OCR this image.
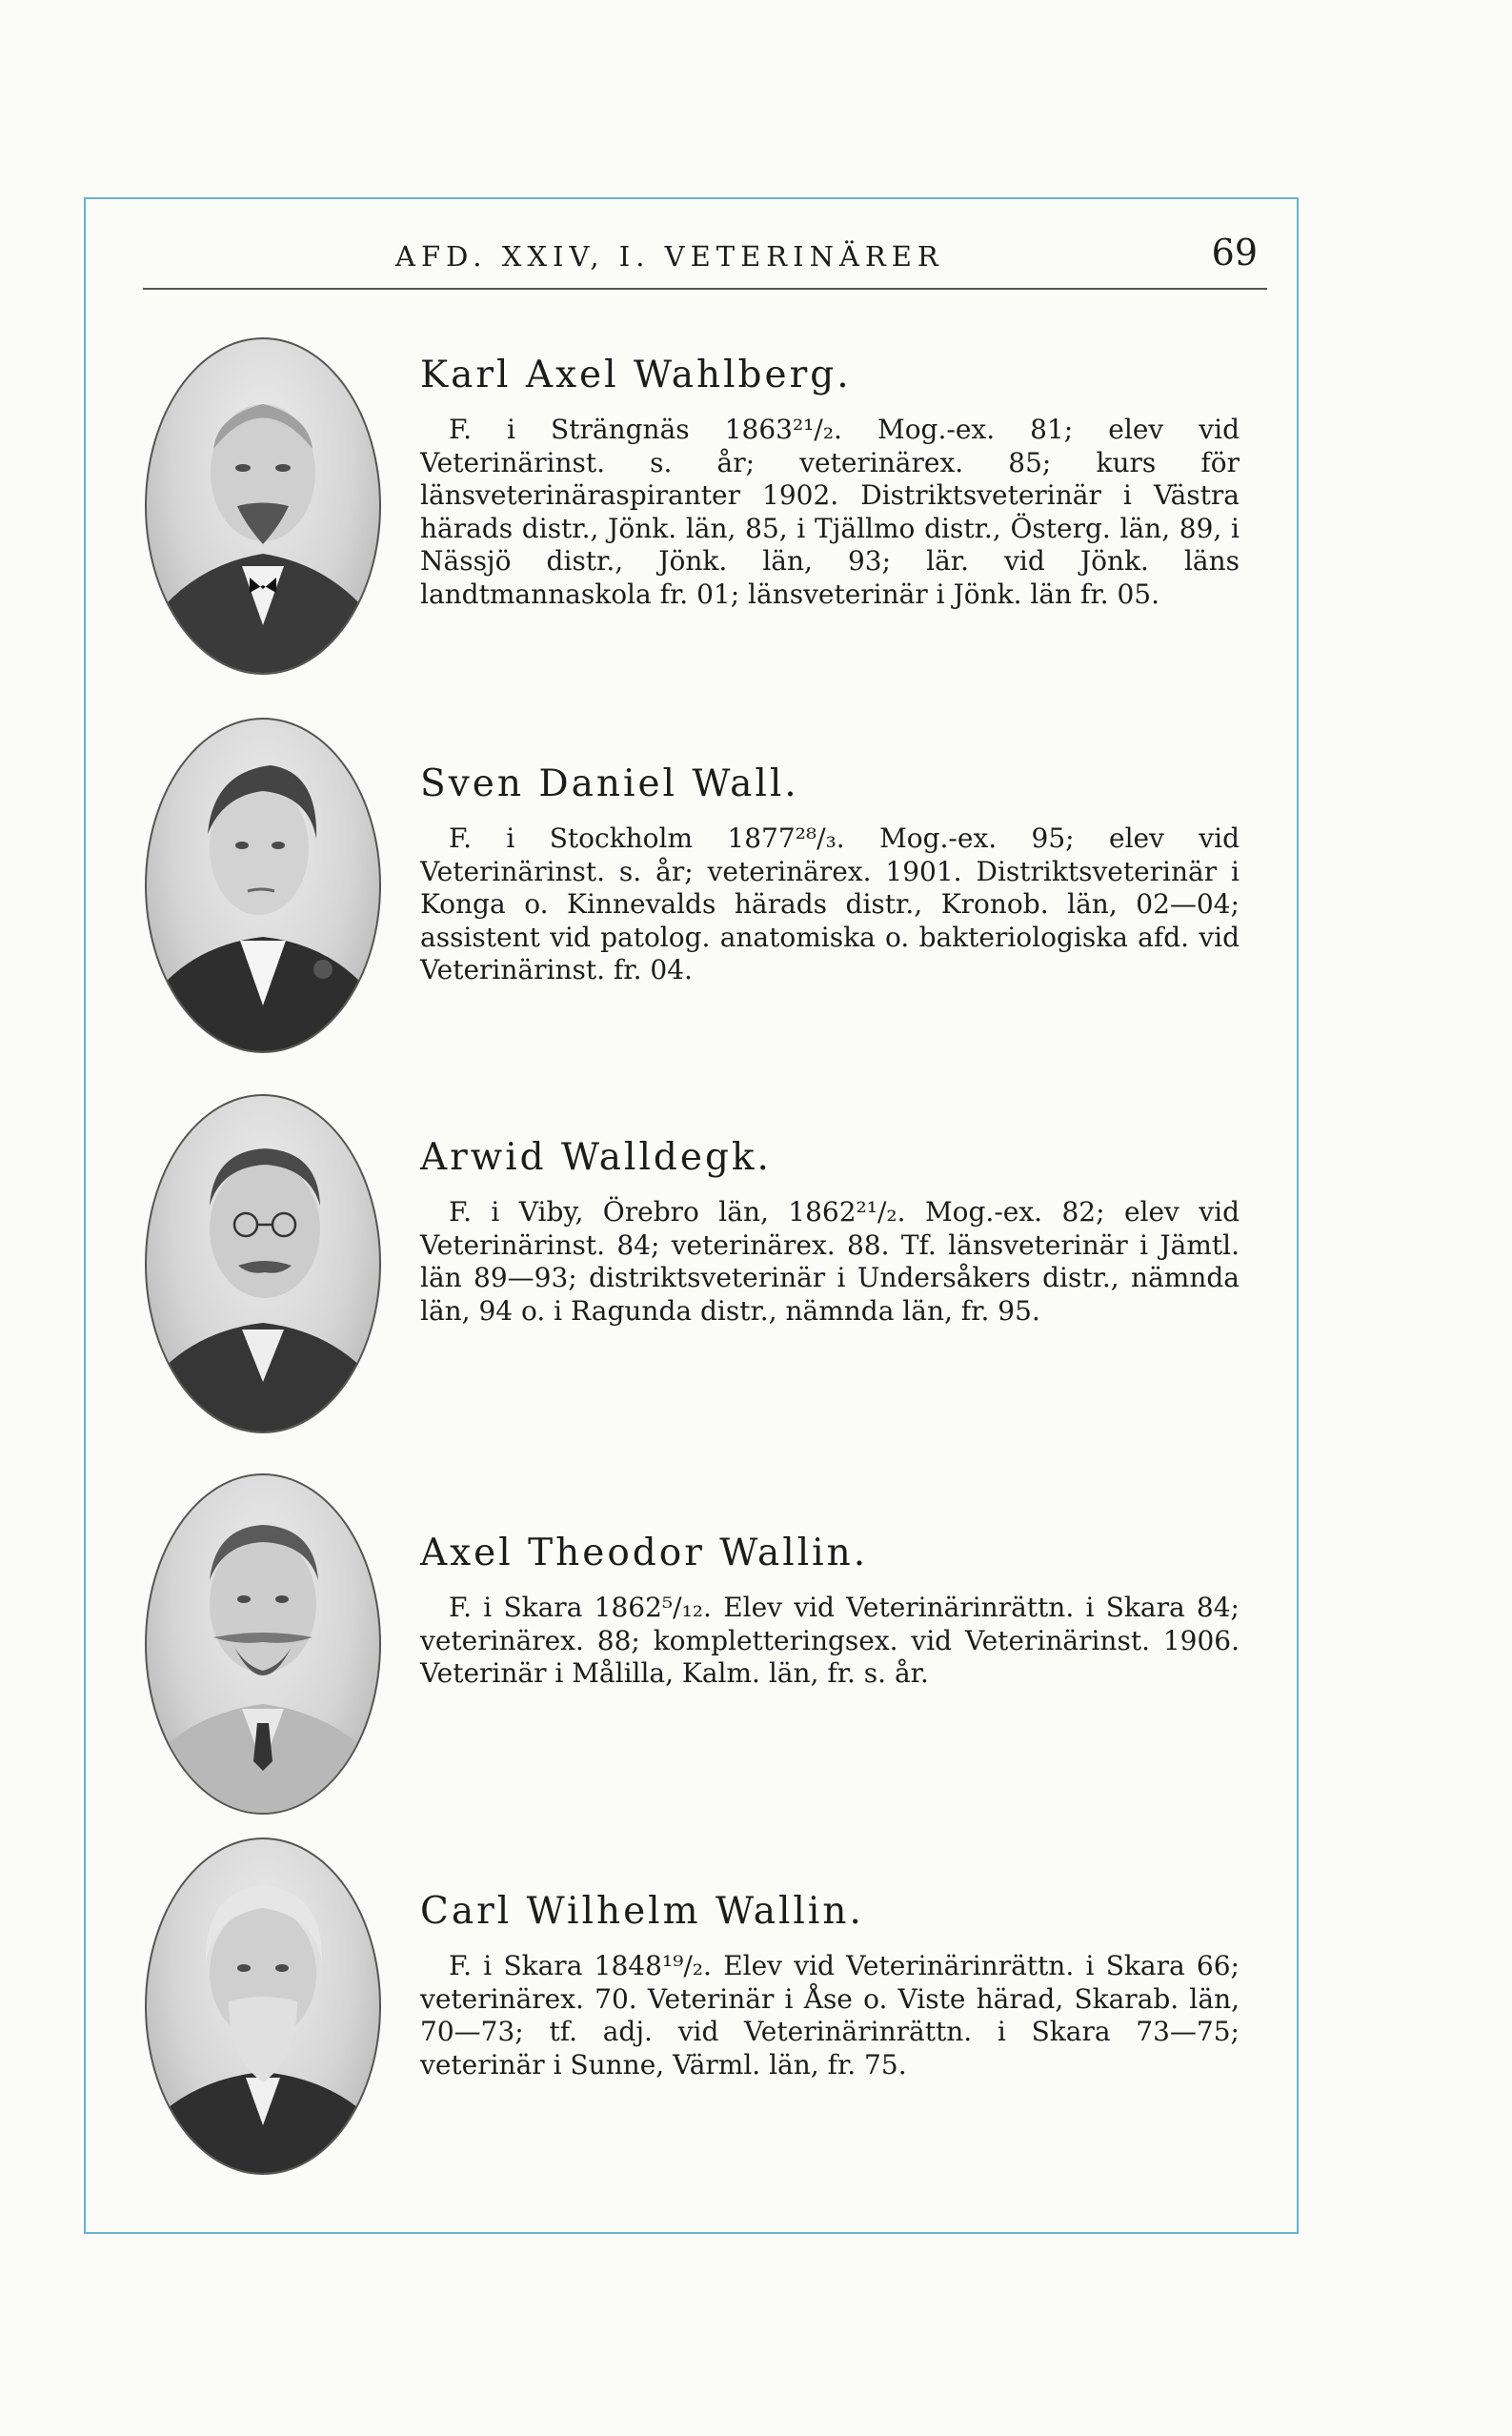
AFD. XXIV, I. VETERINÄRER	69
Karl Axel Wahlberg.

F. i Strängnäs 1863²¹/₂. Mog.-ex. 81; elev vid Veterinärinst. s. år; veterinärex. 85; kurs för länsveterinäraspiranter 1902. Distriktsveterinär i Västra härads distr., Jönk. län, 85, i Tjällmo distr., Österg. län, 89, i Nässjö distr., Jönk. län, 93; lär. vid Jönk. läns landtmannaskola fr. 01; länsveterinär i Jönk. län fr. 05.

Sven Daniel Wall.

F. i Stockholm 1877²⁸/₃. Mog.-ex. 95; elev vid Veterinärinst. s. år; veterinärex. 1901. Distriktsveterinär i Konga o. Kinnevalds härads distr., Kronob. län, 02—04; assistent vid patolog. anatomiska o. bakteriologiska afd. vid Veterinärinst. fr. 04.

Arwid Walldegk.

F. i Viby, Örebro län, 1862²¹/₂. Mog.-ex. 82; elev vid Veterinärinst. 84; veterinärex. 88. Tf. länsveterinär i Jämtl. län 89—93; distriktsveterinär i Undersåkers distr., nämnda län, 94 o. i Ragunda distr., nämnda län, fr. 95.

Axel Theodor Wallin.

F. i Skara 1862⁵/₁₂. Elev vid Veterinärinrättn. i Skara 84; veterinärex. 88; kompletteringsex. vid Veterinärinst. 1906. Veterinär i Målilla, Kalm. län, fr. s. år.

Carl Wilhelm Wallin.

F. i Skara 1848¹⁹/₂. Elev vid Veterinärinrättn. i Skara 66; veterinärex. 70. Veterinär i Åse o. Viste härad, Skarab. län, 70—73; tf. adj. vid Veterinärinrättn. i Skara 73—75; veterinär i Sunne, Värml. län, fr. 75.
